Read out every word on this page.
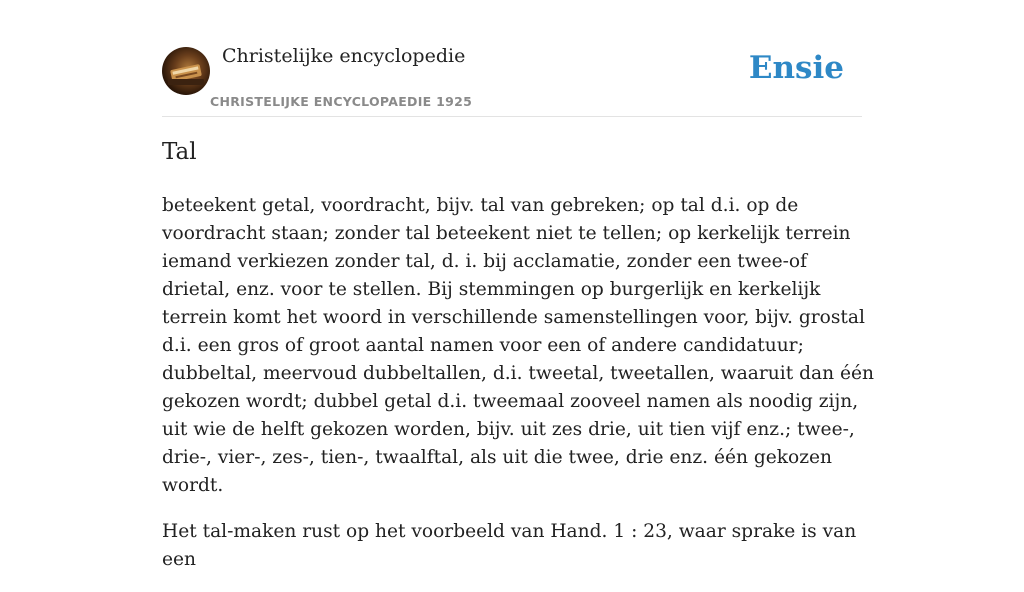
Christelijke encyclopedie
CHRISTELIJKE ENCYCLOPAEDIE 1925
Ensie
Tal

beteekent getal, voordracht, bijv. tal van gebreken; op tal d.i. op de voordracht staan; zonder tal beteekent niet te tellen; op kerkelijk terrein iemand verkiezen zonder tal, d. i. bij acclamatie, zonder een twee-of drietal, enz. voor te stellen. Bij stemmingen op burgerlijk en kerkelijk terrein komt het woord in verschillende samenstellingen voor, bijv. grostal d.i. een gros of groot aantal namen voor een of andere candidatuur; dubbeltal, meervoud dubbeltallen, d.i. tweetal, tweetallen, waaruit dan één gekozen wordt; dubbel getal d.i. tweemaal zooveel namen als noodig zijn, uit wie de helft gekozen worden, bijv. uit zes drie, uit tien vijf enz.; twee-, drie-, vier-, zes-, tien-, twaalftal, als uit die twee, drie enz. één gekozen wordt.

Het tal-maken rust op het voorbeeld van Hand. 1 : 23, waar sprake is van een
